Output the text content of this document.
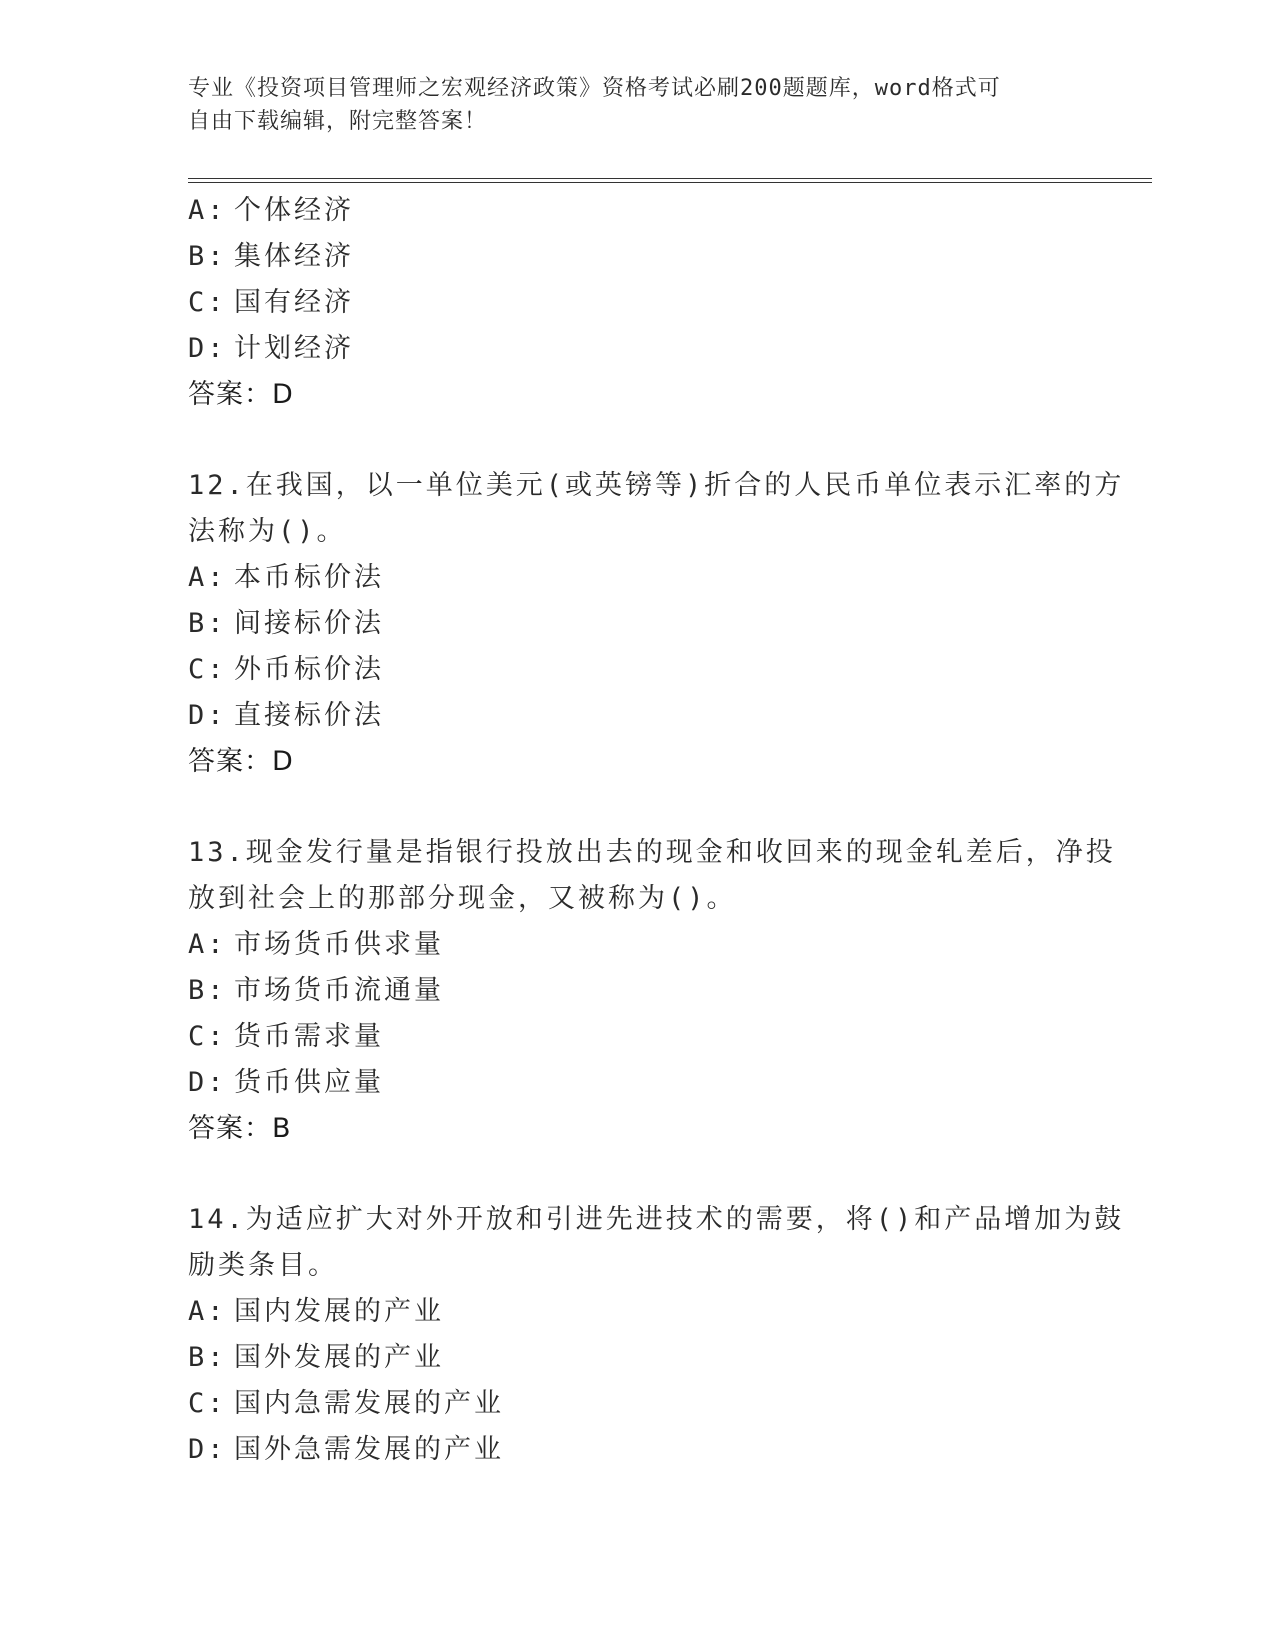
专业《投资项目管理师之宏观经济政策》资格考试必刷200题题库，word格式可
自由下载编辑，附完整答案！
A: 个体经济
B: 集体经济
C: 国有经济
D: 计划经济
答案：D
12.在我国，以一单位美元(或英镑等)折合的人民币单位表示汇率的方
法称为()。
A: 本币标价法
B: 间接标价法
C: 外币标价法
D: 直接标价法
答案：D
13.现金发行量是指银行投放出去的现金和收回来的现金轧差后，净投
放到社会上的那部分现金，又被称为()。
A: 市场货币供求量
B: 市场货币流通量
C: 货币需求量
D: 货币供应量
答案：B
14.为适应扩大对外开放和引进先进技术的需要，将()和产品增加为鼓
励类条目。
A: 国内发展的产业
B: 国外发展的产业
C: 国内急需发展的产业
D: 国外急需发展的产业
